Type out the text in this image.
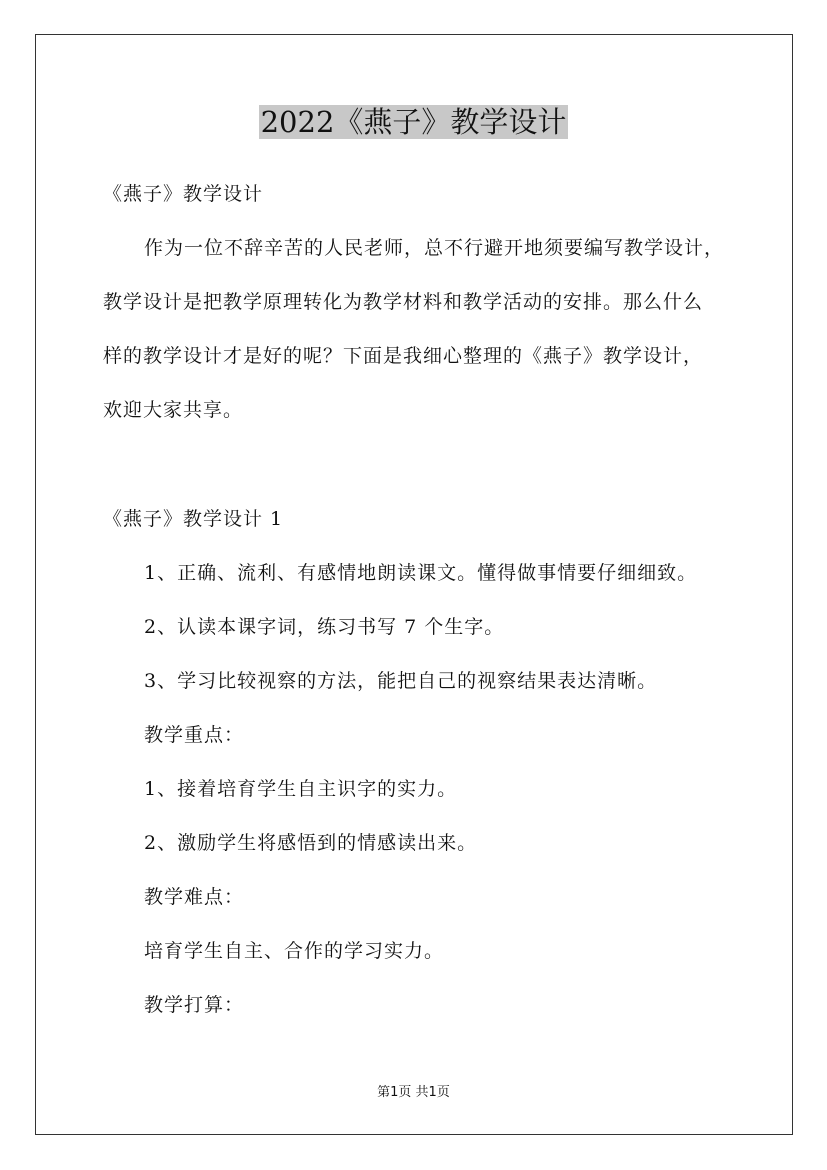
2022《燕子》教学设计

《燕子》教学设计

作为一位不辞辛苦的人民老师，总不行避开地须要编写教学设计，

教学设计是把教学原理转化为教学材料和教学活动的安排。那么什么

样的教学设计才是好的呢？下面是我细心整理的《燕子》教学设计，

欢迎大家共享。

《燕子》教学设计 1

1、正确、流利、有感情地朗读课文。懂得做事情要仔细细致。

2、认读本课字词，练习书写 7 个生字。

3、学习比较视察的方法，能把自己的视察结果表达清晰。

教学重点：

1、接着培育学生自主识字的实力。

2、激励学生将感悟到的情感读出来。

教学难点：

培育学生自主、合作的学习实力。

教学打算：

第1页 共1页
